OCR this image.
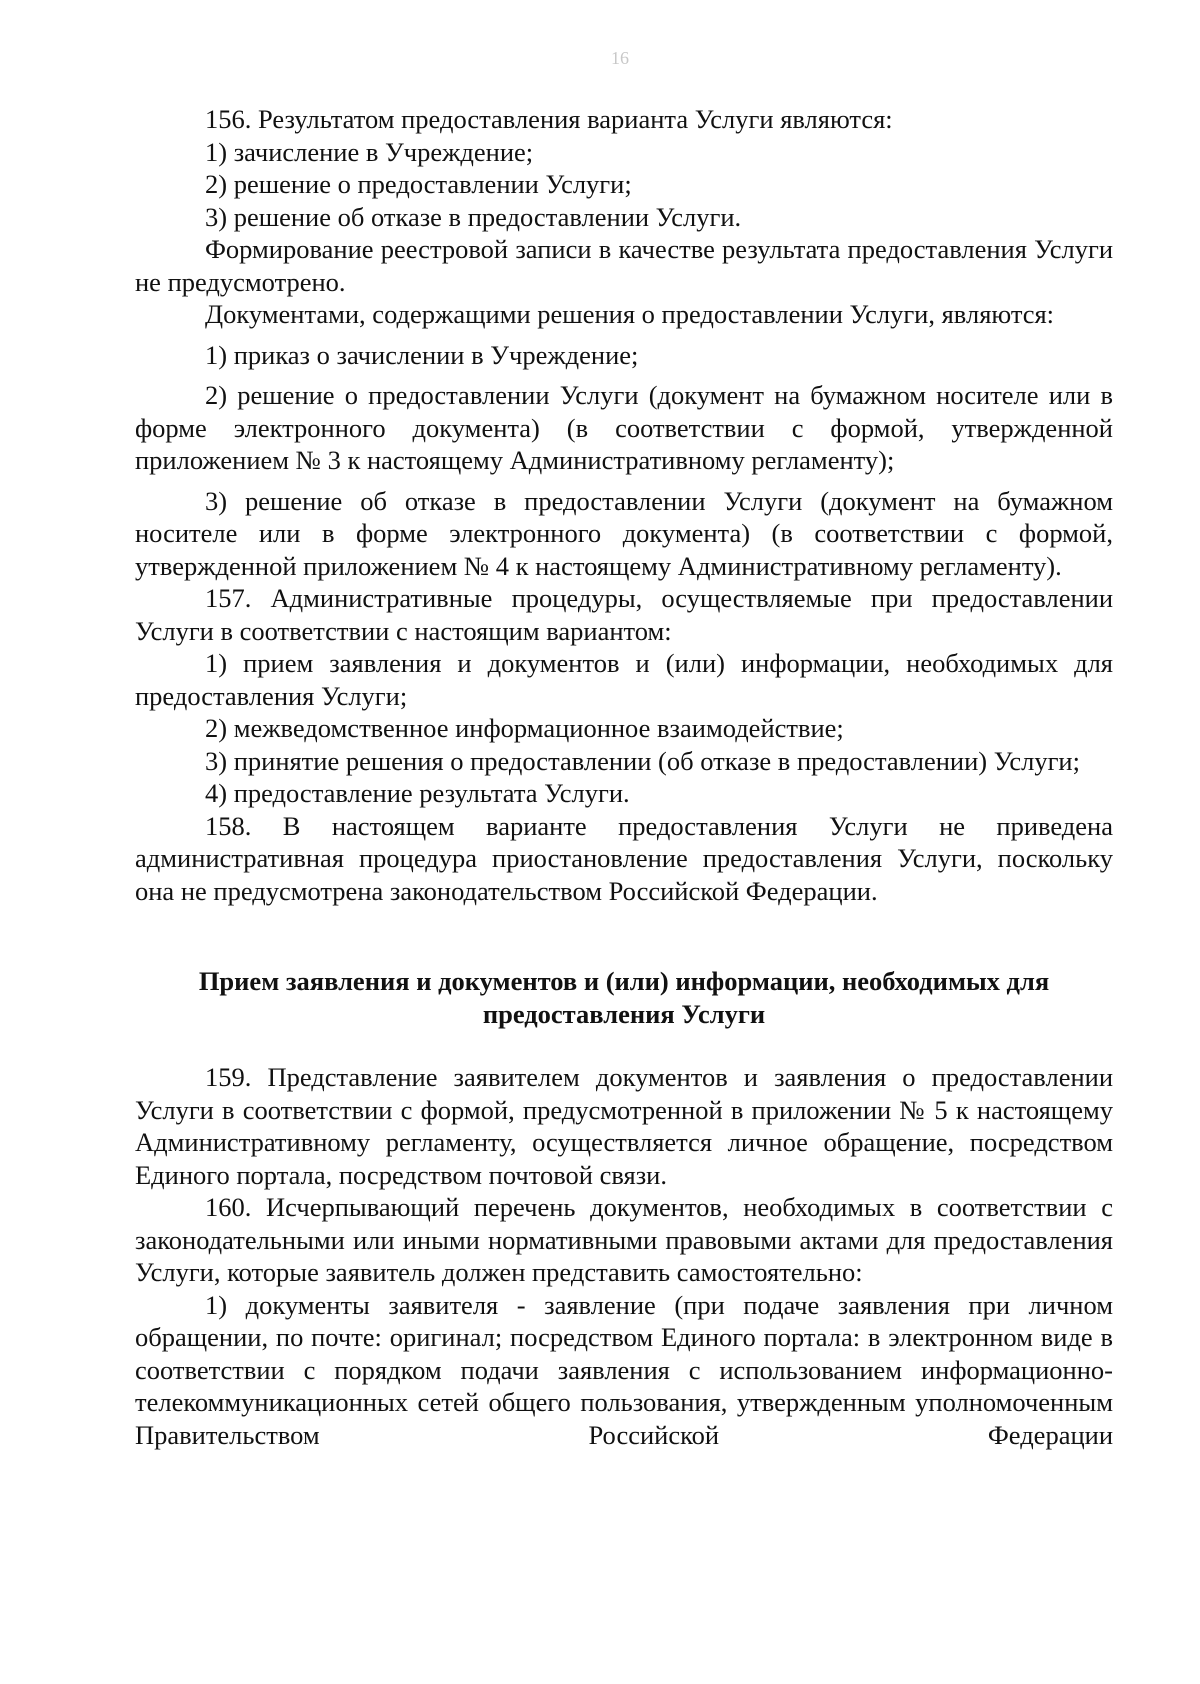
16

156. Результатом предоставления варианта Услуги являются:

1) зачисление в Учреждение;

2) решение о предоставлении Услуги;

3) решение об отказе в предоставлении Услуги.

Формирование реестровой записи в качестве результата предоставления Услуги не предусмотрено.

Документами, содержащими решения о предоставлении Услуги, являются:

1) приказ о зачислении в Учреждение;

2) решение о предоставлении Услуги (документ на бумажном носителе или в форме электронного документа) (в соответствии с формой, утвержденной приложением № 3 к настоящему Административному регламенту);

3) решение об отказе в предоставлении Услуги (документ на бумажном носителе или в форме электронного документа) (в соответствии с формой, утвержденной приложением № 4 к настоящему Административному регламенту).

157. Административные процедуры, осуществляемые при предоставлении Услуги в соответствии с настоящим вариантом:

1) прием заявления и документов и (или) информации, необходимых для предоставления Услуги;

2) межведомственное информационное взаимодействие;

3) принятие решения о предоставлении (об отказе в предоставлении) Услуги;

4) предоставление результата Услуги.

158. В настоящем варианте предоставления Услуги не приведена административная процедура приостановление предоставления Услуги, поскольку она не предусмотрена законодательством Российской Федерации.

Прием заявления и документов и (или) информации, необходимых для предоставления Услуги

159. Представление заявителем документов и заявления о предоставлении Услуги в соответствии с формой, предусмотренной в приложении № 5 к настоящему Административному регламенту, осуществляется личное обращение, посредством Единого портала, посредством почтовой связи.

160. Исчерпывающий перечень документов, необходимых в соответствии с законодательными или иными нормативными правовыми актами для предоставления Услуги, которые заявитель должен представить самостоятельно:

1) документы заявителя - заявление (при подаче заявления при личном обращении, по почте: оригинал; посредством Единого портала: в электронном виде в соответствии с порядком подачи заявления с использованием информационно-телекоммуникационных сетей общего пользования, утвержденным уполномоченным Правительством Российской Федерации
